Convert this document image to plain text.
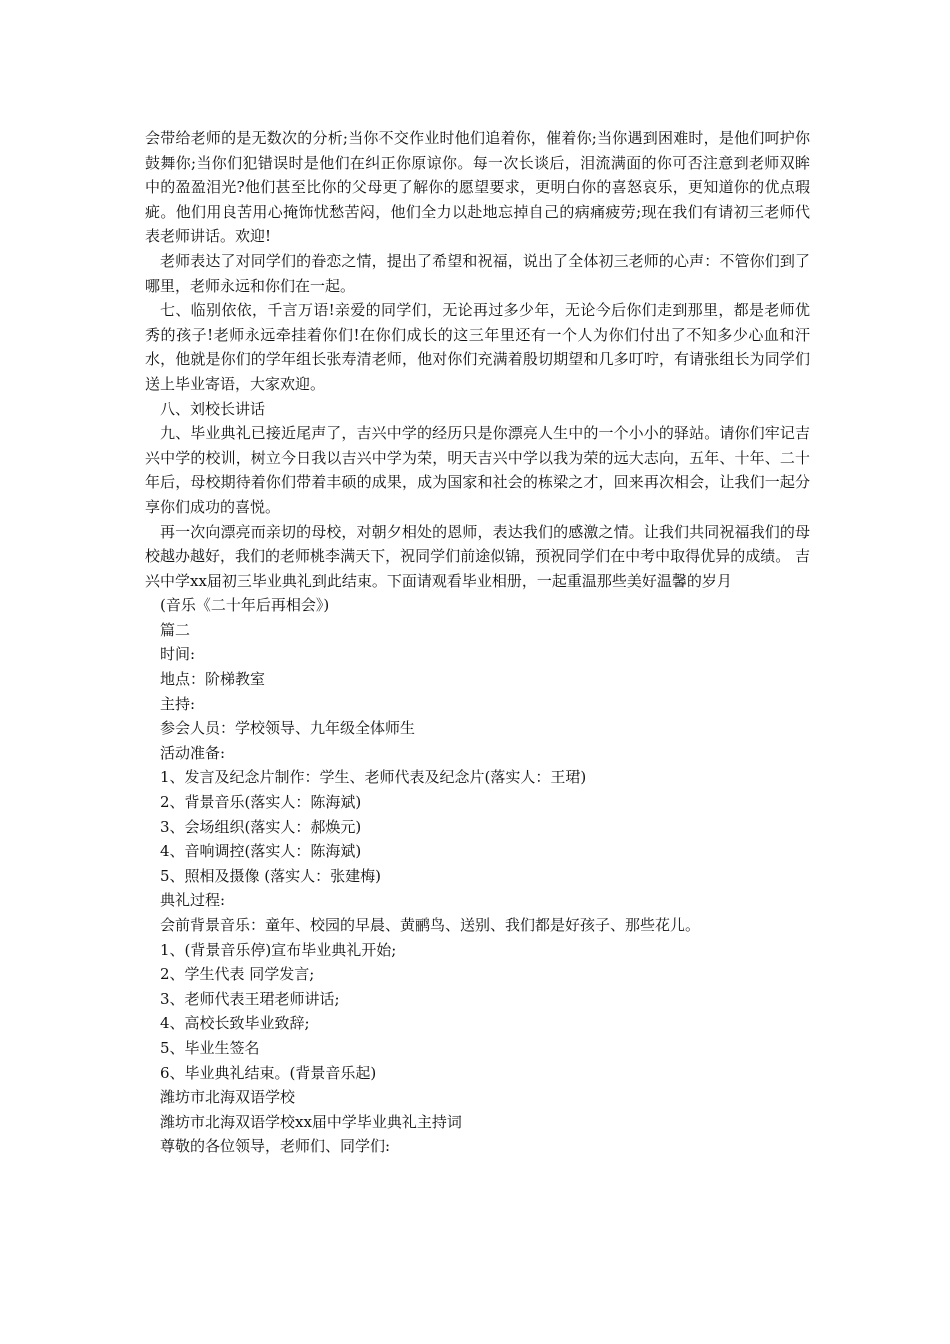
会带给老师的是无数次的分析;当你不交作业时他们追着你，催着你;当你遇到困难时，是他们呵护你鼓舞你;当你们犯错误时是他们在纠正你原谅你。每一次长谈后，泪流满面的你可否注意到老师双眸中的盈盈泪光?他们甚至比你的父母更了解你的愿望要求，更明白你的喜怒哀乐，更知道你的优点瑕疵。他们用良苦用心掩饰忧愁苦闷，他们全力以赴地忘掉自己的病痛疲劳;现在我们有请初三老师代表老师讲话。欢迎!

老师表达了对同学们的眷恋之情，提出了希望和祝福，说出了全体初三老师的心声：不管你们到了哪里，老师永远和你们在一起。

七、临别依依，千言万语!亲爱的同学们，无论再过多少年，无论今后你们走到那里，都是老师优秀的孩子!老师永远牵挂着你们!在你们成长的这三年里还有一个人为你们付出了不知多少心血和汗水，他就是你们的学年组长张寿清老师，他对你们充满着殷切期望和几多叮咛，有请张组长为同学们送上毕业寄语，大家欢迎。

八、刘校长讲话

九、毕业典礼已接近尾声了，吉兴中学的经历只是你漂亮人生中的一个小小的驿站。请你们牢记吉兴中学的校训，树立今日我以吉兴中学为荣，明天吉兴中学以我为荣的远大志向，五年、十年、二十年后，母校期待着你们带着丰硕的成果，成为国家和社会的栋梁之才，回来再次相会，让我们一起分享你们成功的喜悦。

再一次向漂亮而亲切的母校，对朝夕相处的恩师，表达我们的感激之情。让我们共同祝福我们的母校越办越好，我们的老师桃李满天下，祝同学们前途似锦，预祝同学们在中考中取得优异的成绩。 吉兴中学xx届初三毕业典礼到此结束。下面请观看毕业相册，一起重温那些美好温馨的岁月

(音乐《二十年后再相会》)

篇二

时间:

地点：阶梯教室

主持:

参会人员：学校领导、九年级全体师生

活动准备:

1、发言及纪念片制作：学生、老师代表及纪念片(落实人：王珺)

2、背景音乐(落实人：陈海斌)

3、会场组织(落实人：郝焕元)

4、音响调控(落实人：陈海斌)

5、照相及摄像 (落实人：张建梅)

典礼过程:

会前背景音乐：童年、校园的早晨、黄鹂鸟、送别、我们都是好孩子、那些花儿。

1、(背景音乐停)宣布毕业典礼开始;

2、学生代表 同学发言;

3、老师代表王珺老师讲话;

4、高校长致毕业致辞;

5、毕业生签名

6、毕业典礼结束。(背景音乐起)

潍坊市北海双语学校

潍坊市北海双语学校xx届中学毕业典礼主持词

尊敬的各位领导，老师们、同学们:
